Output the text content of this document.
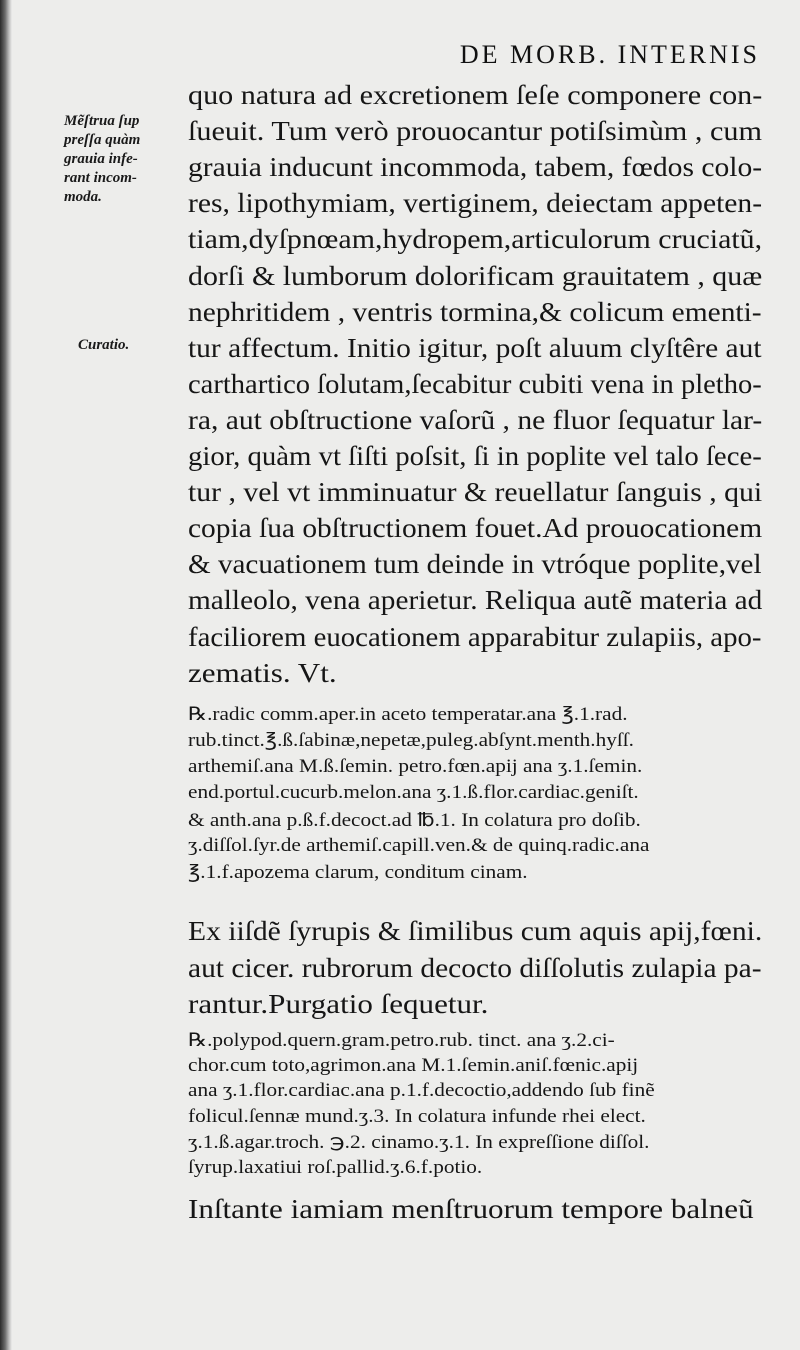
DE MORB. INTERNIS
Mẽſtrua ſup
preſſa quàm
grauia infe-
rant incom-
moda.
Curatio.
quo natura ad excretionem ſeſe componere con-
ſueuit. Tum verò prouocantur potiſsimùm , cum
grauia inducunt incommoda, tabem, fœdos colo-
res, lipothymiam, vertiginem, deiectam appeten-
tiam,dyſpnœam,hydropem,articulorum cruciatũ,
dorſi & lumborum dolorificam grauitatem , quæ
nephritidem , ventris tormina,& colicum ementi-
tur affectum. Initio igitur, poſt aluum clyſtêre aut
carthartico ſolutam,ſecabitur cubiti vena in pletho-
ra, aut obſtructione vaſorũ , ne fluor ſequatur lar-
gior, quàm vt ſiſti poſsit, ſi in poplite vel talo ſece-
tur , vel vt imminuatur & reuellatur ſanguis , qui
copia ſua obſtructionem fouet.Ad prouocationem
& vacuationem tum deinde in vtróque poplite,vel
malleolo, vena aperietur. Reliqua autẽ materia ad
faciliorem euocationem apparabitur zulapiis, apo-
zematis. Vt.
℞.radic comm.aper.in aceto temperatar.ana ℥.1.rad.
rub.tinct.℥.ß.ſabinæ,nepetæ,puleg.abſynt.menth.hyſſ.
arthemiſ.ana M.ß.ſemin. petro.fœn.apij ana ʒ.1.ſemin.
end.portul.cucurb.melon.ana ʒ.1.ß.flor.cardiac.geniſt.
& anth.ana p.ß.f.decoct.ad ℔.1. In colatura pro doſib.
ʒ.diſſol.ſyr.de arthemiſ.capill.ven.& de quinq.radic.ana
℥.1.f.apozema clarum, conditum cinam.
Ex iiſdẽ ſyrupis & ſimilibus cum aquis apij,fœni.
aut cicer. rubrorum decocto diſſolutis zulapia pa-
rantur.Purgatio ſequetur.
℞.polypod.quern.gram.petro.rub. tinct. ana ʒ.2.ci-
chor.cum toto,agrimon.ana M.1.ſemin.aniſ.fœnic.apij
ana ʒ.1.flor.cardiac.ana p.1.f.decoctio,addendo ſub finẽ
folicul.ſennæ mund.ʒ.3. In colatura infunde rhei elect.
ʒ.1.ß.agar.troch. ℈.2. cinamo.ʒ.1. In expreſſione diſſol.
ſyrup.laxatiui roſ.pallid.ʒ.6.f.potio.
Inſtante iamiam menſtruorum tempore balneũ
